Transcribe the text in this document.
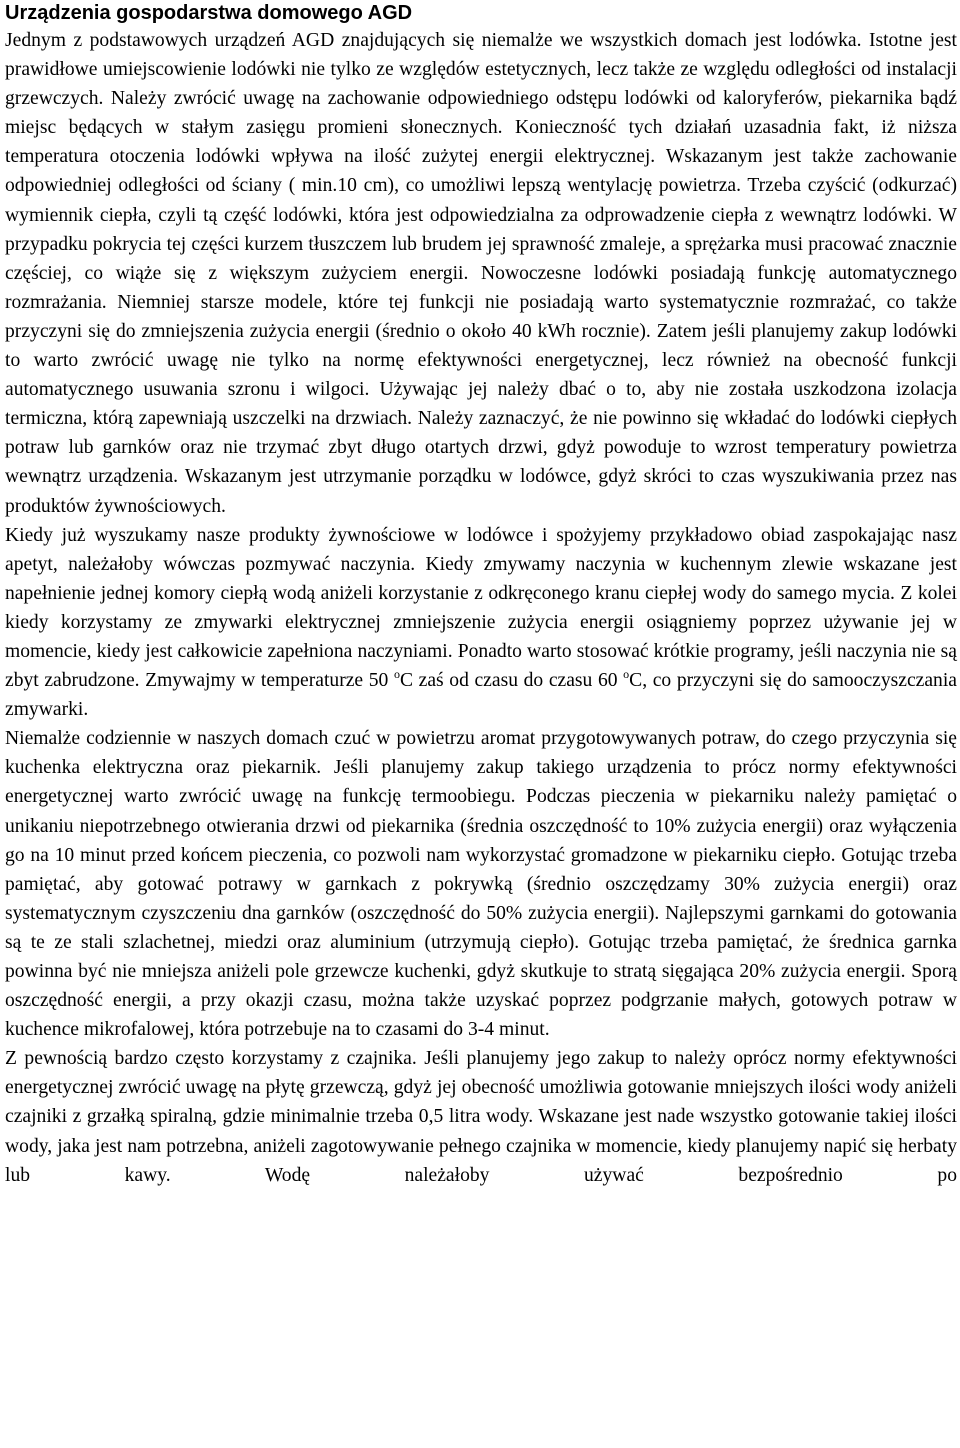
Urządzenia gospodarstwa domowego AGD

Jednym z podstawowych urządzeń AGD znajdujących się niemalże we wszystkich domach jest lodówka. Istotne jest prawidłowe umiejscowienie lodówki nie tylko ze względów estetycznych, lecz także ze względu odległości od instalacji grzewczych. Należy zwrócić uwagę na zachowanie odpowiedniego odstępu lodówki od kaloryferów, piekarnika bądź miejsc będących w stałym zasięgu promieni słonecznych. Konieczność tych działań uzasadnia fakt, iż niższa temperatura otoczenia lodówki wpływa na ilość zużytej energii elektrycznej. Wskazanym jest także zachowanie odpowiedniej odległości od ściany ( min.10 cm), co umożliwi lepszą wentylację powietrza. Trzeba czyścić (odkurzać) wymiennik ciepła, czyli tą część lodówki, która jest odpowiedzialna za odprowadzenie ciepła z wewnątrz lodówki. W przypadku pokrycia tej części kurzem tłuszczem lub brudem jej sprawność zmaleje, a sprężarka musi pracować znacznie częściej, co wiąże się z większym zużyciem energii. Nowoczesne lodówki posiadają funkcję automatycznego rozmrażania. Niemniej starsze modele, które tej funkcji nie posiadają warto systematycznie rozmrażać, co także przyczyni się do zmniejszenia zużycia energii (średnio o około 40 kWh rocznie). Zatem jeśli planujemy zakup lodówki to warto zwrócić uwagę nie tylko na normę efektywności energetycznej, lecz również na obecność funkcji automatycznego usuwania szronu i wilgoci. Używając jej należy dbać o to, aby nie została uszkodzona izolacja termiczna, którą zapewniają uszczelki na drzwiach. Należy zaznaczyć, że nie powinno się wkładać do lodówki ciepłych potraw lub garnków oraz nie trzymać zbyt długo otartych drzwi, gdyż powoduje to wzrost temperatury powietrza wewnątrz urządzenia. Wskazanym jest utrzymanie porządku w lodówce, gdyż skróci to czas wyszukiwania przez nas produktów żywnościowych.

Kiedy już wyszukamy nasze produkty żywnościowe w lodówce i spożyjemy przykładowo obiad zaspokajając nasz apetyt, należałoby wówczas pozmywać naczynia. Kiedy zmywamy naczynia w kuchennym zlewie wskazane jest napełnienie jednej komory ciepłą wodą aniżeli korzystanie z odkręconego kranu ciepłej wody do samego mycia. Z kolei kiedy korzystamy ze zmywarki elektrycznej zmniejszenie zużycia energii osiągniemy poprzez używanie jej w momencie, kiedy jest całkowicie zapełniona naczyniami. Ponadto warto stosować krótkie programy, jeśli naczynia nie są zbyt zabrudzone. Zmywajmy w temperaturze 50 $^o$C zaś od czasu do czasu 60 $^o$C, co przyczyni się do samooczyszczania zmywarki.

Niemalże codziennie w naszych domach czuć w powietrzu aromat przygotowywanych potraw, do czego przyczynia się kuchenka elektryczna oraz piekarnik. Jeśli planujemy zakup takiego urządzenia to prócz normy efektywności energetycznej warto zwrócić uwagę na funkcję termoobiegu. Podczas pieczenia w piekarniku należy pamiętać o unikaniu niepotrzebnego otwierania drzwi od piekarnika (średnia oszczędność to 10% zużycia energii) oraz wyłączenia go na 10 minut przed końcem pieczenia, co pozwoli nam wykorzystać gromadzone w piekarniku ciepło. Gotując trzeba pamiętać, aby gotować potrawy w garnkach z pokrywką (średnio oszczędzamy 30% zużycia energii) oraz systematycznym czyszczeniu dna garnków (oszczędność do 50% zużycia energii). Najlepszymi garnkami do gotowania są te ze stali szlachetnej, miedzi oraz aluminium (utrzymują ciepło). Gotując trzeba pamiętać, że średnica garnka powinna być nie mniejsza aniżeli pole grzewcze kuchenki, gdyż skutkuje to stratą sięgająca 20% zużycia energii. Sporą oszczędność energii, a przy okazji czasu, można także uzyskać poprzez podgrzanie małych, gotowych potraw w kuchence mikrofalowej, która potrzebuje na to czasami do 3-4 minut.

Z pewnością bardzo często korzystamy z czajnika. Jeśli planujemy jego zakup to należy oprócz normy efektywności energetycznej zwrócić uwagę na płytę grzewczą, gdyż jej obecność umożliwia gotowanie mniejszych ilości wody aniżeli czajniki z grzałką spiralną, gdzie minimalnie trzeba 0,5 litra wody. Wskazane jest nade wszystko gotowanie takiej ilości wody, jaka jest nam potrzebna, aniżeli zagotowywanie pełnego czajnika w momencie, kiedy planujemy napić się herbaty lub kawy. Wodę należałoby używać bezpośrednio po
